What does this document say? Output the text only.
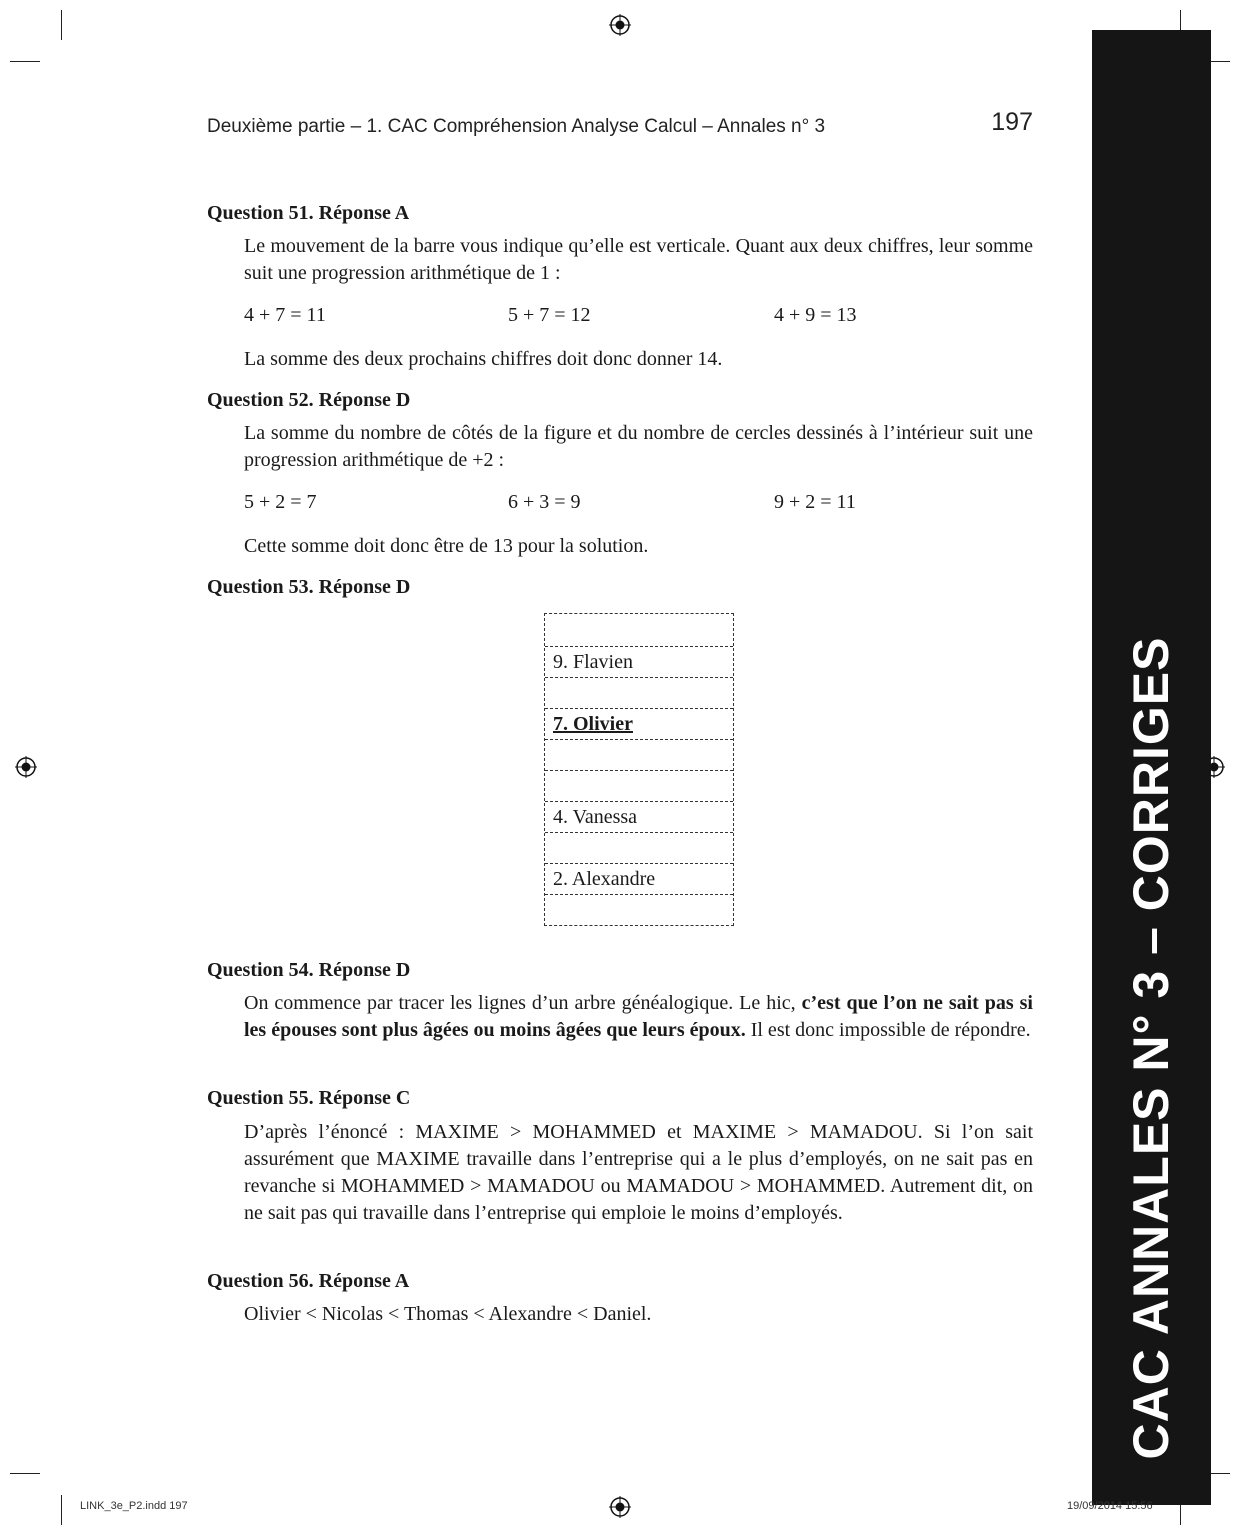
CAC ANNALES N° 3 – CORRIGES
Deuxième partie – 1. CAC Compréhension Analyse Calcul – Annales n° 3	197
Question 51. Réponse A
Le mouvement de la barre vous indique qu’elle est verticale. Quant aux deux chiffres, leur somme suit une progression arithmétique de 1 :
4 + 7 = 11	5 + 7 = 12	4 + 9 = 13
La somme des deux prochains chiffres doit donc donner 14.
Question 52. Réponse D
La somme du nombre de côtés de la figure et du nombre de cercles dessinés à l’intérieur suit une progression arithmétique de +2 :
5 + 2 = 7	6 + 3 = 9	9 + 2 = 11
Cette somme doit donc être de 13 pour la solution.
Question 53. Réponse D
9. Flavien
7. Olivier
4. Vanessa
2. Alexandre
Question 54. Réponse D
On commence par tracer les lignes d’un arbre généalogique. Le hic, c’est que l’on ne sait pas si les épouses sont plus âgées ou moins âgées que leurs époux. Il est donc impossible de répondre.
Question 55. Réponse C
D’après l’énoncé : MAXIME > MOHAMMED et MAXIME > MAMADOU. Si l’on sait assurément que MAXIME travaille dans l’entreprise qui a le plus d’employés, on ne sait pas en revanche si MOHAMMED > MAMADOU ou MAMADOU > MOHAMMED. Autrement dit, on ne sait pas qui travaille dans l’entreprise qui emploie le moins d’employés.
Question 56. Réponse A
Olivier < Nicolas < Thomas < Alexandre < Daniel.
LINK_3e_P2.indd 197	19/09/2014 15:56
